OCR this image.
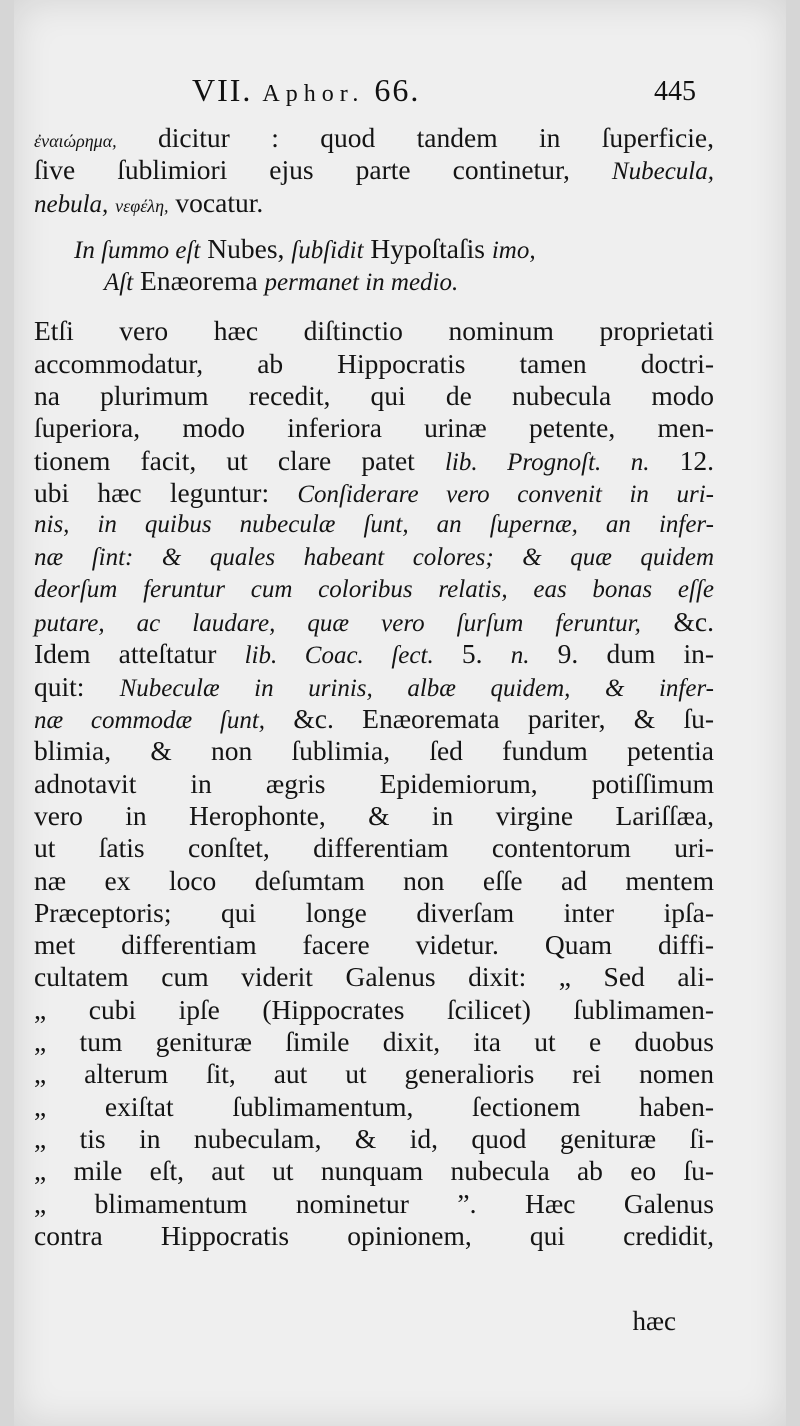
VII. Aphor. 66.	445
ἐναιώρημα, dicitur : quod tandem in ſuperficie,
ſive ſublimiori ejus parte continetur, Nubecula,
nebula, νεφέλη, vocatur.
In ſummo eſt Nubes, ſubſidit Hypoſtaſis imo,
Aſt Enæorema permanet in medio.
Etſi vero hæc diſtinctio nominum proprietati
accommodatur, ab Hippocratis tamen doctri-
na plurimum recedit, qui de nubecula modo
ſuperiora, modo inferiora urinæ petente, men-
tionem facit, ut clare patet lib. Prognoſt. n. 12.
ubi hæc leguntur: Conſiderare vero convenit in uri-
nis, in quibus nubeculæ ſunt, an ſupernæ, an infer-
næ ſint: & quales habeant colores; & quæ quidem
deorſum feruntur cum coloribus relatis, eas bonas eſſe
putare, ac laudare, quæ vero ſurſum feruntur, &c.
Idem atteſtatur lib. Coac. ſect. 5. n. 9. dum in-
quit: Nubeculæ in urinis, albæ quidem, & infer-
næ commodæ ſunt, &c. Enæoremata pariter, & ſu-
blimia, & non ſublimia, ſed fundum petentia
adnotavit in ægris Epidemiorum, potiſſimum
vero in Herophonte, & in virgine Lariſſæa,
ut ſatis conſtet, differentiam contentorum uri-
næ ex loco deſumtam non eſſe ad mentem
Præceptoris; qui longe diverſam inter ipſa-
met differentiam facere videtur. Quam diffi-
cultatem cum viderit Galenus dixit: „ Sed ali-
„ cubi ipſe (Hippocrates ſcilicet) ſublimamen-
„ tum genituræ ſimile dixit, ita ut e duobus
„ alterum ſit, aut ut generalioris rei nomen
„ exiſtat ſublimamentum, ſectionem haben-
„ tis in nubeculam, & id, quod genituræ ſi-
„ mile eſt, aut ut nunquam nubecula ab eo ſu-
„ blimamentum nominetur ”. Hæc Galenus
contra Hippocratis opinionem, qui credidit,
hæc
